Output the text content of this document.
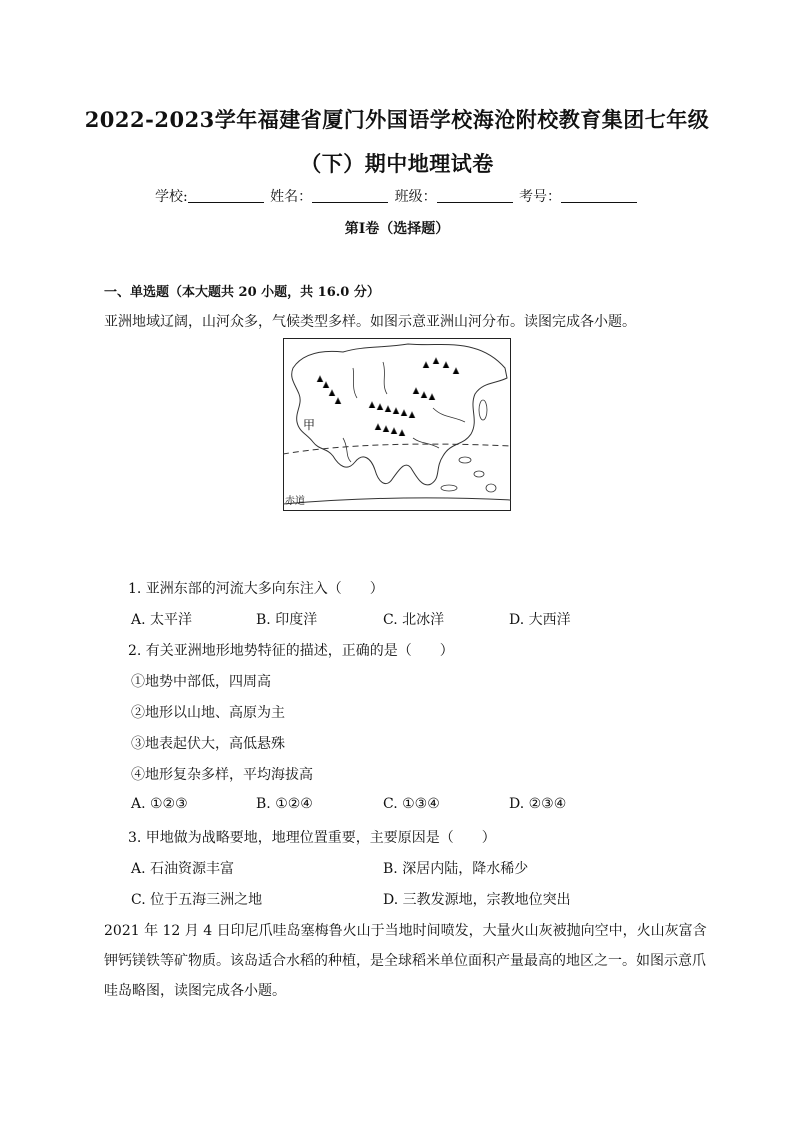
2022-2023学年福建省厦门外国语学校海沧附校教育集团七年级
（下）期中地理试卷
学校:	姓名：	班级：	考号：
第I卷（选择题）
一、单选题（本大题共 20 小题，共 16.0 分）
亚洲地域辽阔，山河众多，气候类型多样。如图示意亚洲山河分布。读图完成各小题。
甲
赤道
1. 亚洲东部的河流大多向东注入（　　）
A. 太平洋	B. 印度洋	C. 北冰洋	D. 大西洋
2. 有关亚洲地形地势特征的描述，正确的是（　　）
①地势中部低，四周高
②地形以山地、高原为主
③地表起伏大，高低悬殊
④地形复杂多样，平均海拔高
A. ①②③	B. ①②④	C. ①③④	D. ②③④
3. 甲地做为战略要地，地理位置重要，主要原因是（　　）
A. 石油资源丰富	B. 深居内陆，降水稀少
C. 位于五海三洲之地	D. 三教发源地，宗教地位突出
2021 年 12 月 4 日印尼爪哇岛塞梅鲁火山于当地时间喷发，大量火山灰被抛向空中，火山灰富含钾钙镁铁等矿物质。该岛适合水稻的种植，是全球稻米单位面积产量最高的地区之一。如图示意爪哇岛略图，读图完成各小题。
